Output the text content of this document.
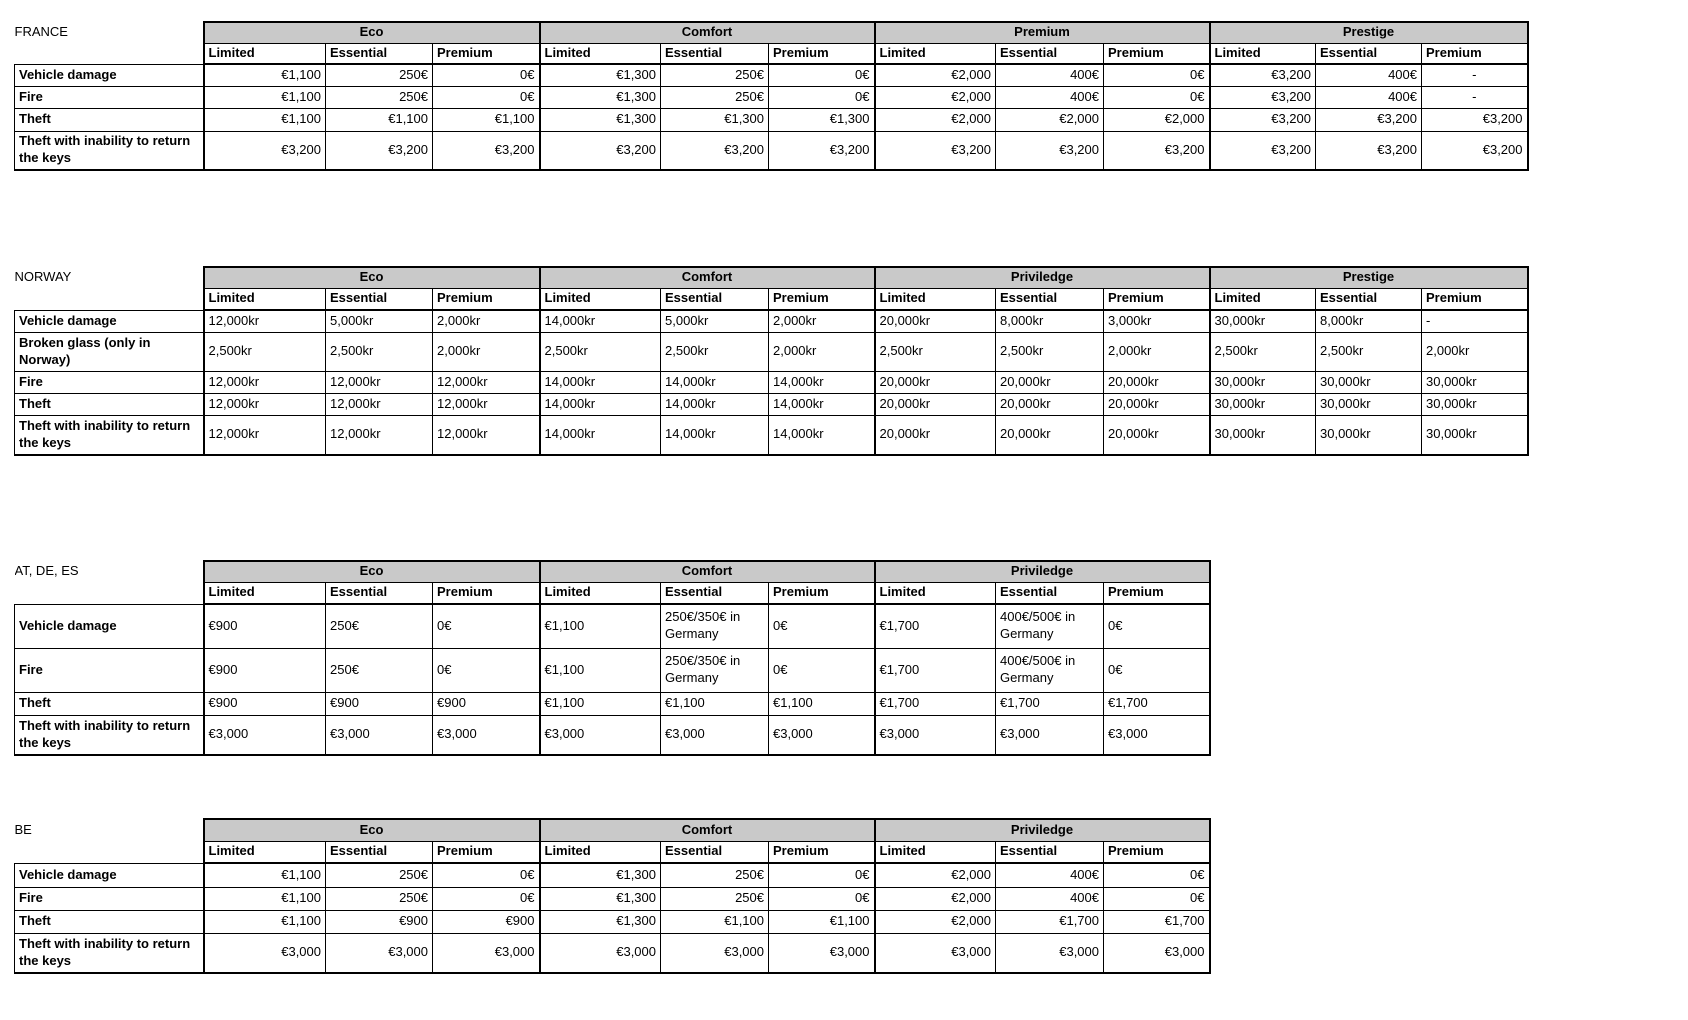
FRANCE	Eco			Comfort			Premium			Prestige		
	Limited	Essential	Premium	Limited	Essential	Premium	Limited	Essential	Premium	Limited	Essential	Premium
Vehicle damage	€1,100	250€	0€	€1,300	250€	0€	€2,000	400€	0€	€3,200	400€	-
Fire	€1,100	250€	0€	€1,300	250€	0€	€2,000	400€	0€	€3,200	400€	-
Theft	€1,100	€1,100	€1,100	€1,300	€1,300	€1,300	€2,000	€2,000	€2,000	€3,200	€3,200	€3,200
Theft with inability to return the keys	€3,200	€3,200	€3,200	€3,200	€3,200	€3,200	€3,200	€3,200	€3,200	€3,200	€3,200	€3,200
NORWAY	Eco			Comfort			Priviledge			Prestige		
	Limited	Essential	Premium	Limited	Essential	Premium	Limited	Essential	Premium	Limited	Essential	Premium
Vehicle damage	12,000kr	5,000kr	2,000kr	14,000kr	5,000kr	2,000kr	20,000kr	8,000kr	3,000kr	30,000kr	8,000kr	-
Broken glass (only in Norway)	2,500kr	2,500kr	2,000kr	2,500kr	2,500kr	2,000kr	2,500kr	2,500kr	2,000kr	2,500kr	2,500kr	2,000kr
Fire	12,000kr	12,000kr	12,000kr	14,000kr	14,000kr	14,000kr	20,000kr	20,000kr	20,000kr	30,000kr	30,000kr	30,000kr
Theft	12,000kr	12,000kr	12,000kr	14,000kr	14,000kr	14,000kr	20,000kr	20,000kr	20,000kr	30,000kr	30,000kr	30,000kr
Theft with inability to return the keys	12,000kr	12,000kr	12,000kr	14,000kr	14,000kr	14,000kr	20,000kr	20,000kr	20,000kr	30,000kr	30,000kr	30,000kr
AT, DE, ES	Eco			Comfort			Priviledge		
	Limited	Essential	Premium	Limited	Essential	Premium	Limited	Essential	Premium
Vehicle damage	€900	250€	0€	€1,100	250€/350€ in Germany	0€	€1,700	400€/500€ in Germany	0€
Fire	€900	250€	0€	€1,100	250€/350€ in Germany	0€	€1,700	400€/500€ in Germany	0€
Theft	€900	€900	€900	€1,100	€1,100	€1,100	€1,700	€1,700	€1,700
Theft with inability to return the keys	€3,000	€3,000	€3,000	€3,000	€3,000	€3,000	€3,000	€3,000	€3,000
BE	Eco			Comfort			Priviledge		
	Limited	Essential	Premium	Limited	Essential	Premium	Limited	Essential	Premium
Vehicle damage	€1,100	250€	0€	€1,300	250€	0€	€2,000	400€	0€
Fire	€1,100	250€	0€	€1,300	250€	0€	€2,000	400€	0€
Theft	€1,100	€900	€900	€1,300	€1,100	€1,100	€2,000	€1,700	€1,700
Theft with inability to return the keys	€3,000	€3,000	€3,000	€3,000	€3,000	€3,000	€3,000	€3,000	€3,000
